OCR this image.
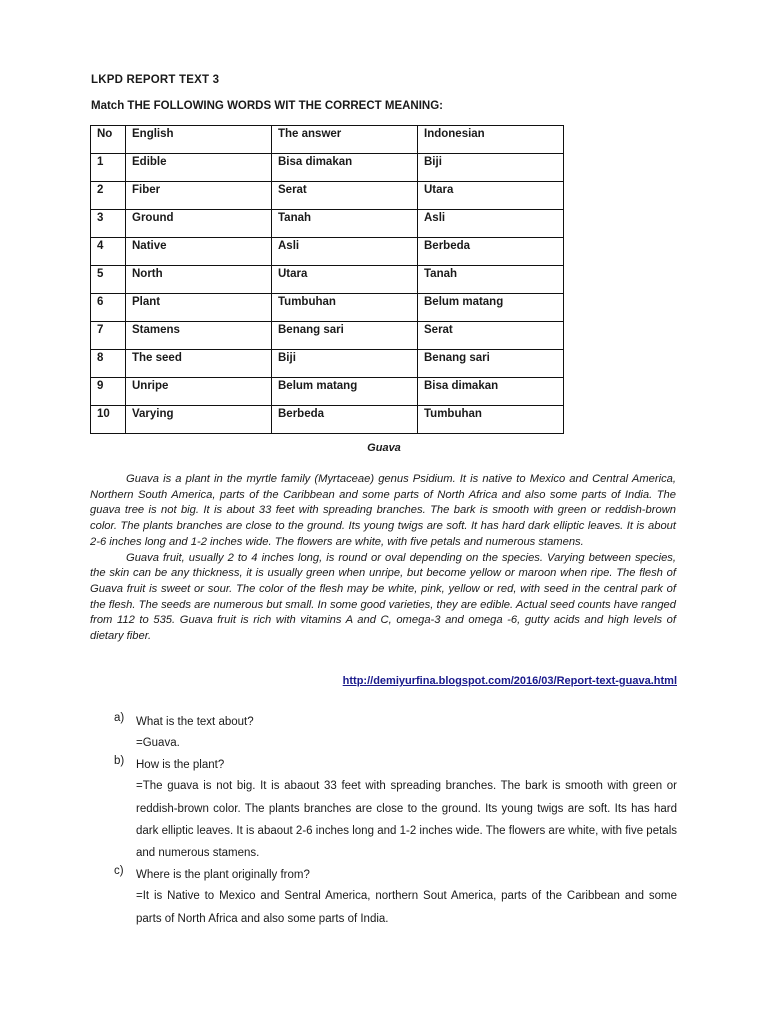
LKPD REPORT TEXT 3
Match THE FOLLOWING WORDS WIT THE CORRECT MEANING:
No	English	The answer	Indonesian
1	Edible	Bisa dimakan	Biji
2	Fiber	Serat	Utara
3	Ground	Tanah	Asli
4	Native	Asli	Berbeda
5	North	Utara	Tanah
6	Plant	Tumbuhan	Belum matang
7	Stamens	Benang sari	Serat
8	The seed	Biji	Benang sari
9	Unripe	Belum matang	Bisa dimakan
10	Varying	Berbeda	Tumbuhan
Guava

Guava is a plant in the myrtle family (Myrtaceae) genus Psidium. It is native to Mexico and Central America, Northern South America, parts of the Caribbean and some parts of North Africa and also some parts of India. The guava tree is not big. It is about 33 feet with spreading branches. The bark is smooth with green or reddish-brown color. The plants branches are close to the ground. Its young twigs are soft. It has hard dark elliptic leaves. It is about 2-6 inches long and 1-2 inches wide. The flowers are white, with five petals and numerous stamens.

Guava fruit, usually 2 to 4 inches long, is round or oval depending on the species. Varying between species, the skin can be any thickness, it is usually green when unripe, but become yellow or maroon when ripe. The flesh of Guava fruit is sweet or sour. The color of the flesh may be white, pink, yellow or red, with seed in the central park of the flesh. The seeds are numerous but small. In some good varieties, they are edible. Actual seed counts have ranged from 112 to 535. Guava fruit is rich with vitamins A and C, omega-3 and omega -6, gutty acids and high levels of dietary fiber.

http://demiyurfina.blogspot.com/2016/03/Report-text-guava.html
a) What is the text about?
=Guava.
b) How is the plant?
=The guava is not big. It is abaout 33 feet with spreading branches. The bark is smooth with green or reddish-brown color. The plants branches are close to the ground. Its young twigs are soft. Its has hard dark elliptic leaves. It is abaout 2-6 inches long and 1-2 inches wide. The flowers are white, with five petals and numerous stamens.
c) Where is the plant originally from?
=It is Native to Mexico and Sentral America, northern Sout America, parts of the Caribbean and some parts of North Africa and also some parts of India.
